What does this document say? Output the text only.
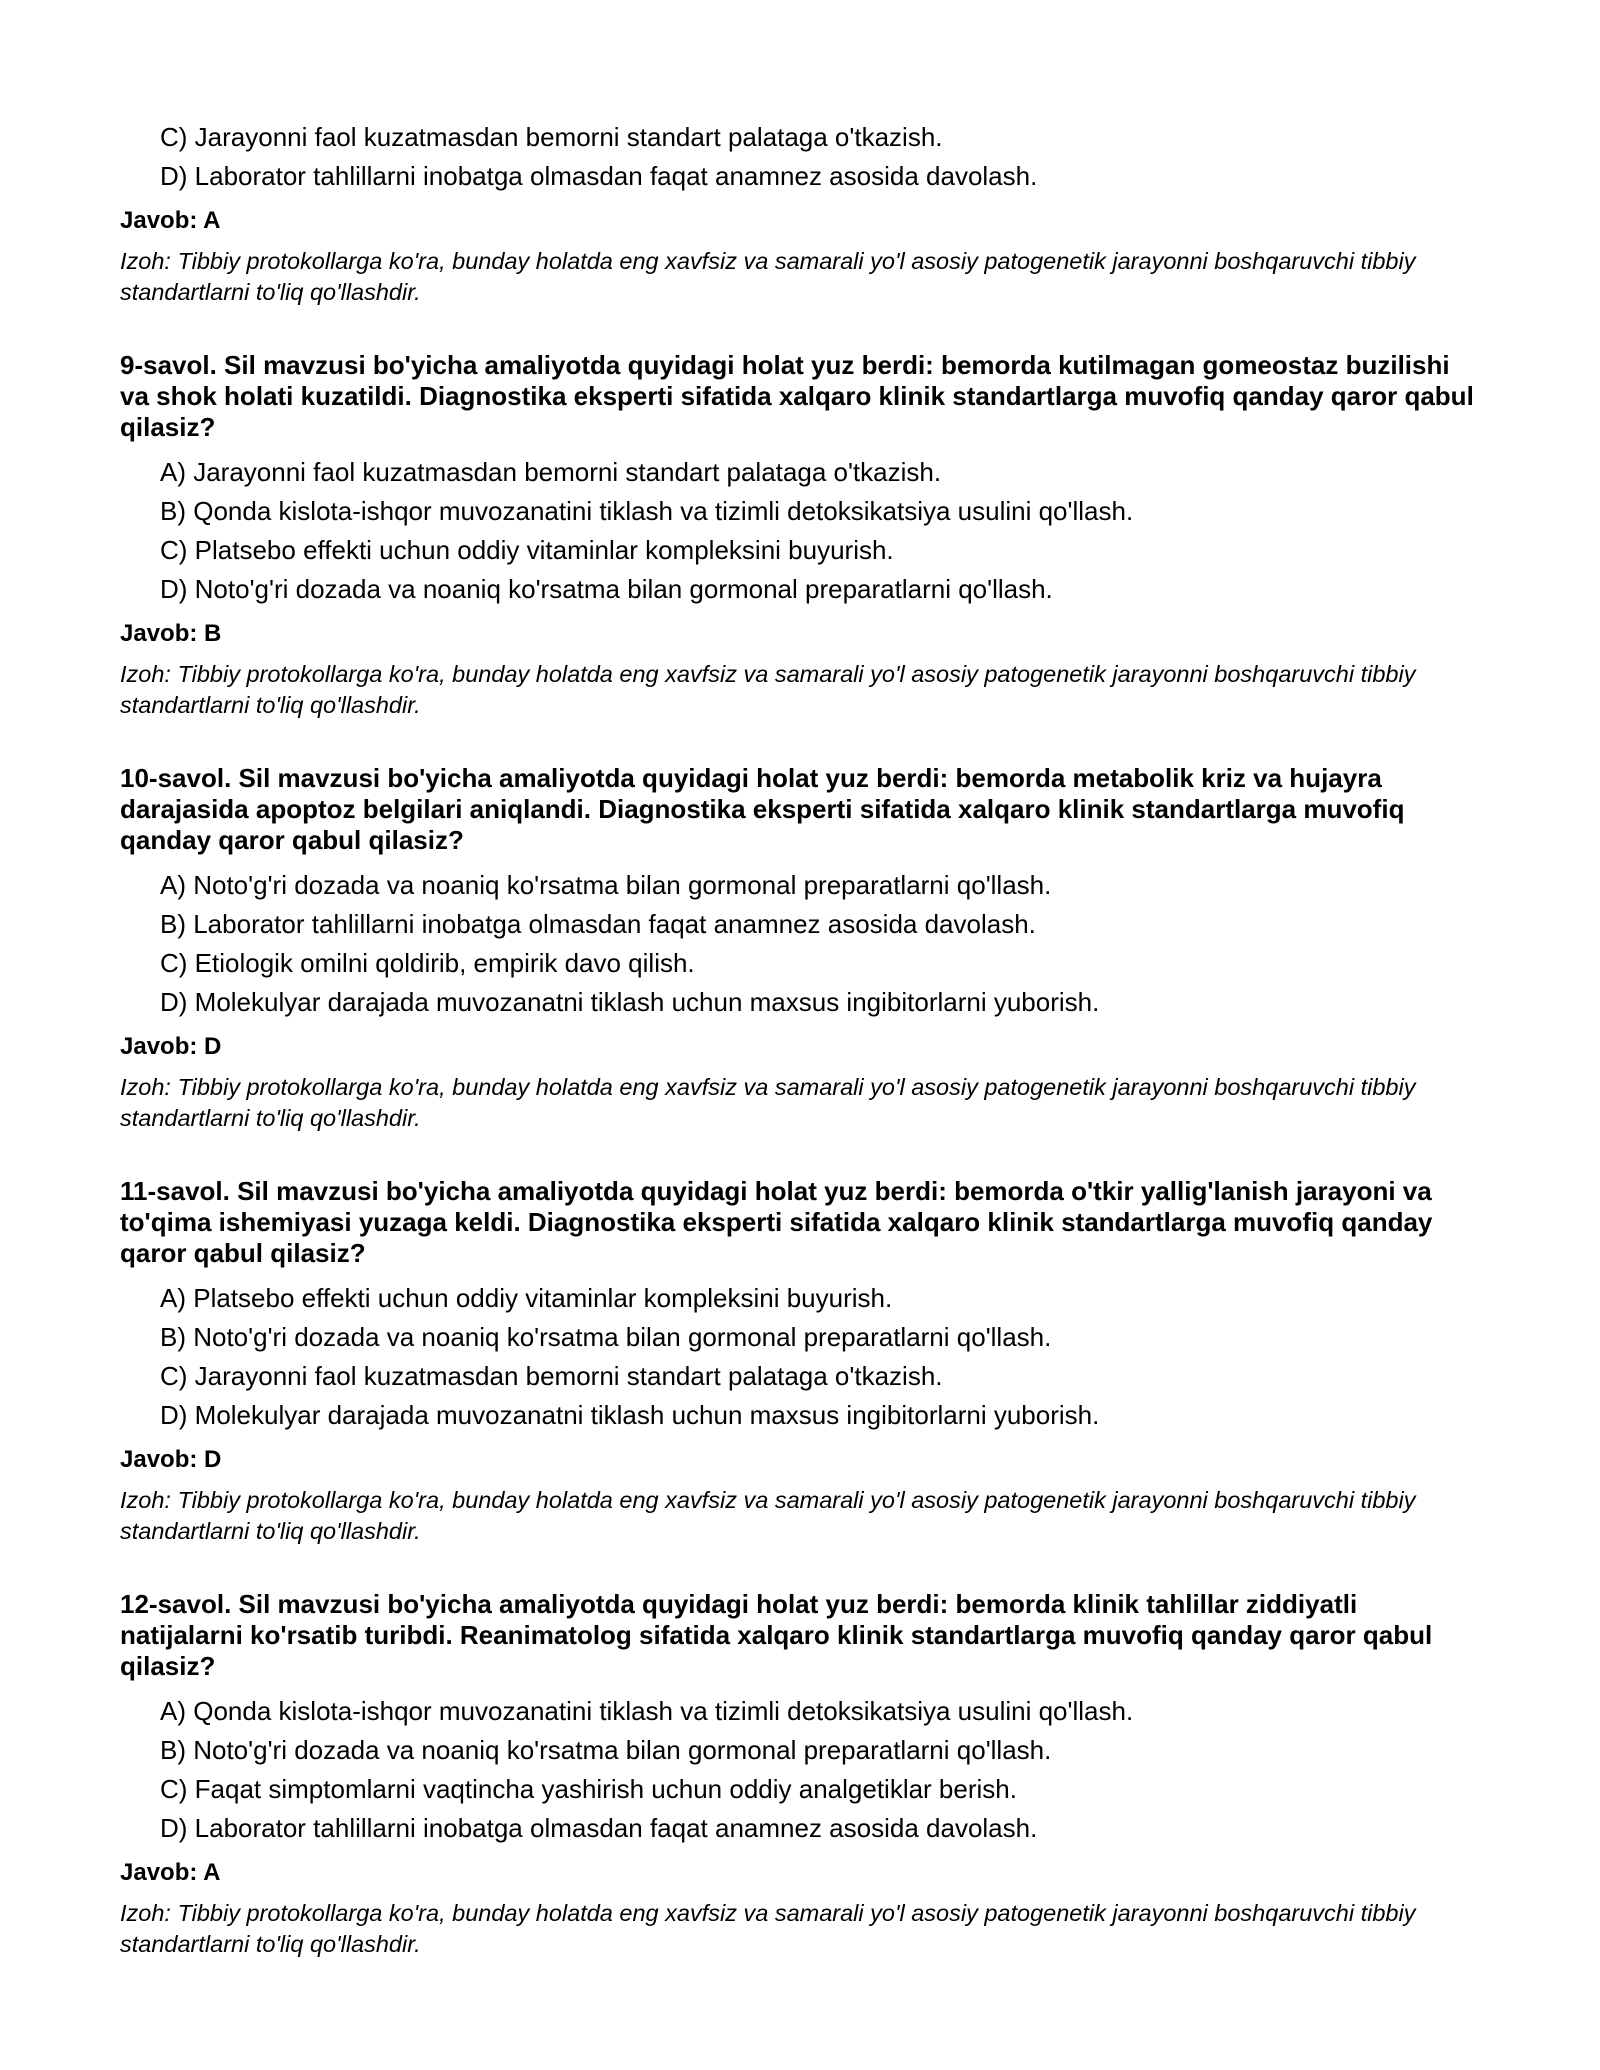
C) Jarayonni faol kuzatmasdan bemorni standart palataga o'tkazish.
D) Laborator tahlillarni inobatga olmasdan faqat anamnez asosida davolash.
Javob: A
Izoh: Tibbiy protokollarga ko'ra, bunday holatda eng xavfsiz va samarali yo'l asosiy patogenetik jarayonni boshqaruvchi tibbiy standartlarni to'liq qo'llashdir.

9-savol. Sil mavzusi bo'yicha amaliyotda quyidagi holat yuz berdi: bemorda kutilmagan gomeostaz buzilishi va shok holati kuzatildi. Diagnostika eksperti sifatida xalqaro klinik standartlarga muvofiq qanday qaror qabul qilasiz?

A) Jarayonni faol kuzatmasdan bemorni standart palataga o'tkazish.
B) Qonda kislota-ishqor muvozanatini tiklash va tizimli detoksikatsiya usulini qo'llash.
C) Platsebo effekti uchun oddiy vitaminlar kompleksini buyurish.
D) Noto'g'ri dozada va noaniq ko'rsatma bilan gormonal preparatlarni qo'llash.
Javob: B
Izoh: Tibbiy protokollarga ko'ra, bunday holatda eng xavfsiz va samarali yo'l asosiy patogenetik jarayonni boshqaruvchi tibbiy standartlarni to'liq qo'llashdir.

10-savol. Sil mavzusi bo'yicha amaliyotda quyidagi holat yuz berdi: bemorda metabolik kriz va hujayra darajasida apoptoz belgilari aniqlandi. Diagnostika eksperti sifatida xalqaro klinik standartlarga muvofiq qanday qaror qabul qilasiz?

A) Noto'g'ri dozada va noaniq ko'rsatma bilan gormonal preparatlarni qo'llash.
B) Laborator tahlillarni inobatga olmasdan faqat anamnez asosida davolash.
C) Etiologik omilni qoldirib, empirik davo qilish.
D) Molekulyar darajada muvozanatni tiklash uchun maxsus ingibitorlarni yuborish.
Javob: D
Izoh: Tibbiy protokollarga ko'ra, bunday holatda eng xavfsiz va samarali yo'l asosiy patogenetik jarayonni boshqaruvchi tibbiy standartlarni to'liq qo'llashdir.

11-savol. Sil mavzusi bo'yicha amaliyotda quyidagi holat yuz berdi: bemorda o'tkir yallig'lanish jarayoni va to'qima ishemiyasi yuzaga keldi. Diagnostika eksperti sifatida xalqaro klinik standartlarga muvofiq qanday qaror qabul qilasiz?

A) Platsebo effekti uchun oddiy vitaminlar kompleksini buyurish.
B) Noto'g'ri dozada va noaniq ko'rsatma bilan gormonal preparatlarni qo'llash.
C) Jarayonni faol kuzatmasdan bemorni standart palataga o'tkazish.
D) Molekulyar darajada muvozanatni tiklash uchun maxsus ingibitorlarni yuborish.
Javob: D
Izoh: Tibbiy protokollarga ko'ra, bunday holatda eng xavfsiz va samarali yo'l asosiy patogenetik jarayonni boshqaruvchi tibbiy standartlarni to'liq qo'llashdir.

12-savol. Sil mavzusi bo'yicha amaliyotda quyidagi holat yuz berdi: bemorda klinik tahlillar ziddiyatli natijalarni ko'rsatib turibdi. Reanimatolog sifatida xalqaro klinik standartlarga muvofiq qanday qaror qabul qilasiz?

A) Qonda kislota-ishqor muvozanatini tiklash va tizimli detoksikatsiya usulini qo'llash.
B) Noto'g'ri dozada va noaniq ko'rsatma bilan gormonal preparatlarni qo'llash.
C) Faqat simptomlarni vaqtincha yashirish uchun oddiy analgetiklar berish.
D) Laborator tahlillarni inobatga olmasdan faqat anamnez asosida davolash.
Javob: A
Izoh: Tibbiy protokollarga ko'ra, bunday holatda eng xavfsiz va samarali yo'l asosiy patogenetik jarayonni boshqaruvchi tibbiy standartlarni to'liq qo'llashdir.
